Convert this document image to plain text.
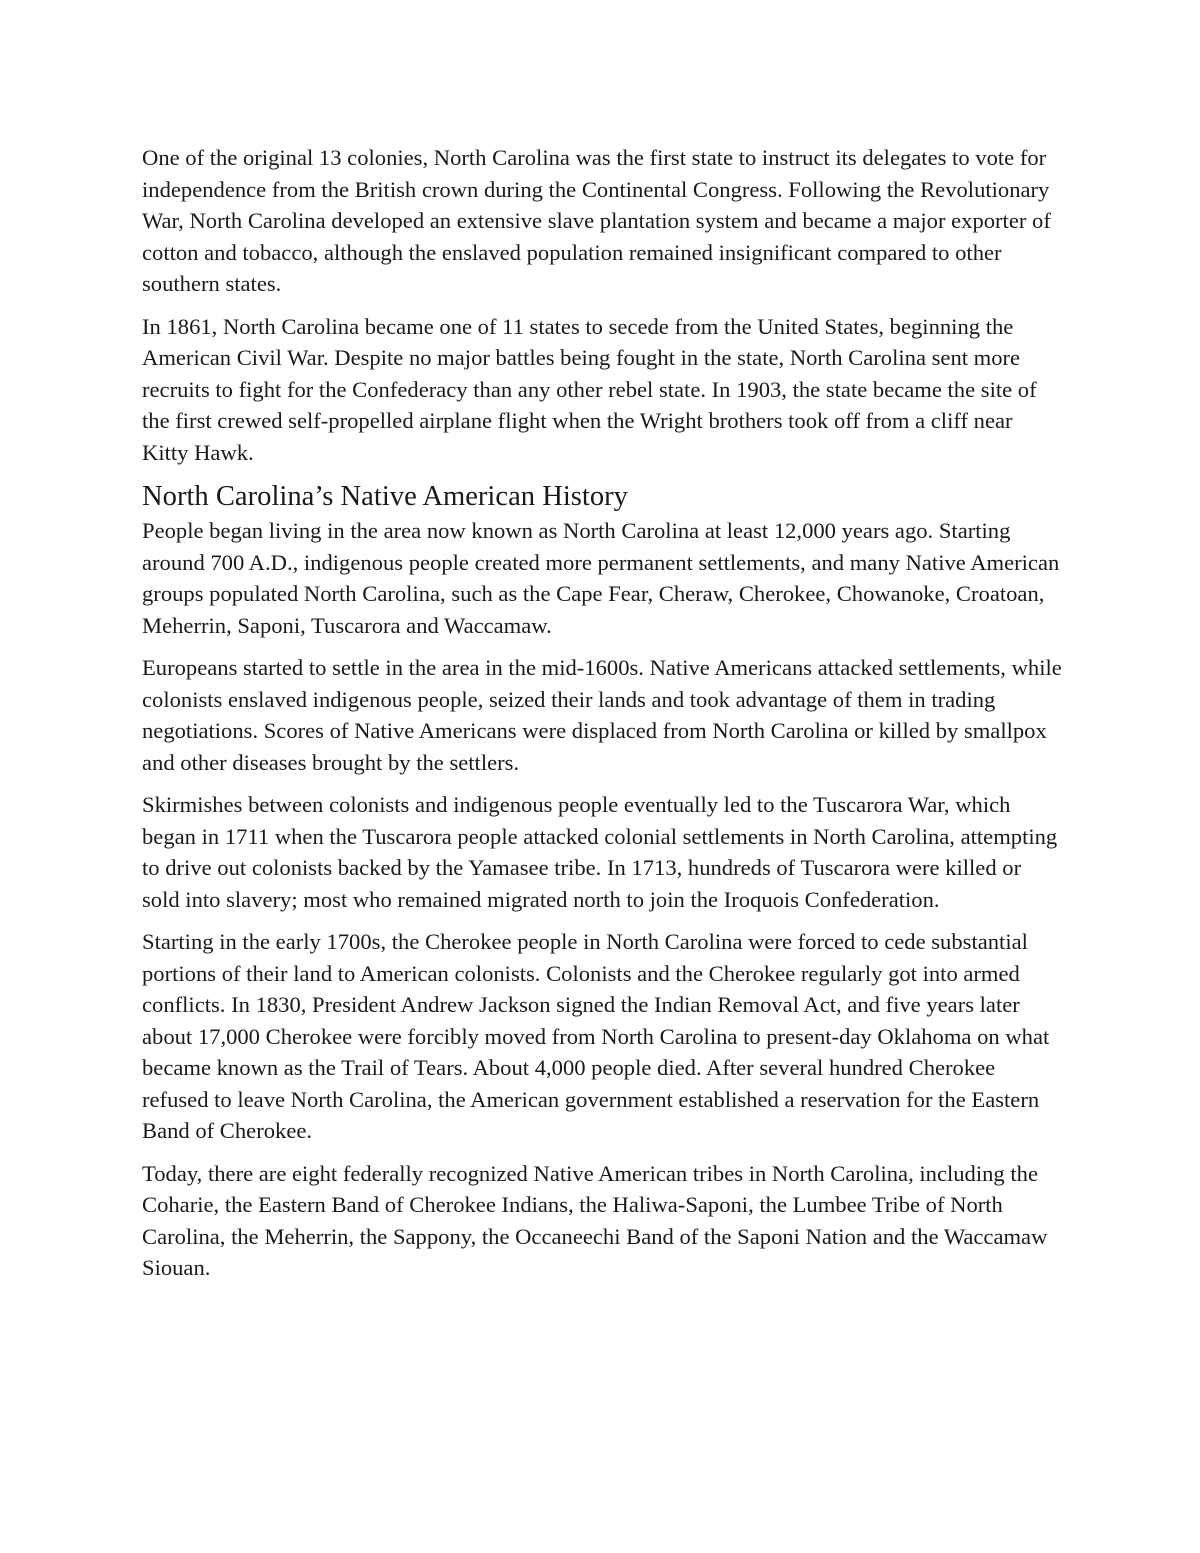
One of the original 13 colonies, North Carolina was the first state to instruct its delegates to vote for independence from the British crown during the Continental Congress. Following the Revolutionary War, North Carolina developed an extensive slave plantation system and became a major exporter of cotton and tobacco, although the enslaved population remained insignificant compared to other southern states.

In 1861, North Carolina became one of 11 states to secede from the United States, beginning the American Civil War. Despite no major battles being fought in the state, North Carolina sent more recruits to fight for the Confederacy than any other rebel state. In 1903, the state became the site of the first crewed self-propelled airplane flight when the Wright brothers took off from a cliff near Kitty Hawk.

North Carolina’s Native American History

People began living in the area now known as North Carolina at least 12,000 years ago. Starting around 700 A.D., indigenous people created more permanent settlements, and many Native American groups populated North Carolina, such as the Cape Fear, Cheraw, Cherokee, Chowanoke, Croatoan, Meherrin, Saponi, Tuscarora and Waccamaw.

Europeans started to settle in the area in the mid-1600s. Native Americans attacked settlements, while colonists enslaved indigenous people, seized their lands and took advantage of them in trading negotiations. Scores of Native Americans were displaced from North Carolina or killed by smallpox and other diseases brought by the settlers.

Skirmishes between colonists and indigenous people eventually led to the Tuscarora War, which began in 1711 when the Tuscarora people attacked colonial settlements in North Carolina, attempting to drive out colonists backed by the Yamasee tribe. In 1713, hundreds of Tuscarora were killed or sold into slavery; most who remained migrated north to join the Iroquois Confederation.

Starting in the early 1700s, the Cherokee people in North Carolina were forced to cede substantial portions of their land to American colonists. Colonists and the Cherokee regularly got into armed conflicts. In 1830, President Andrew Jackson signed the Indian Removal Act, and five years later about 17,000 Cherokee were forcibly moved from North Carolina to present-day Oklahoma on what became known as the Trail of Tears. About 4,000 people died. After several hundred Cherokee refused to leave North Carolina, the American government established a reservation for the Eastern Band of Cherokee.

Today, there are eight federally recognized Native American tribes in North Carolina, including the Coharie, the Eastern Band of Cherokee Indians, the Haliwa-Saponi, the Lumbee Tribe of North Carolina, the Meherrin, the Sappony, the Occaneechi Band of the Saponi Nation and the Waccamaw Siouan.
